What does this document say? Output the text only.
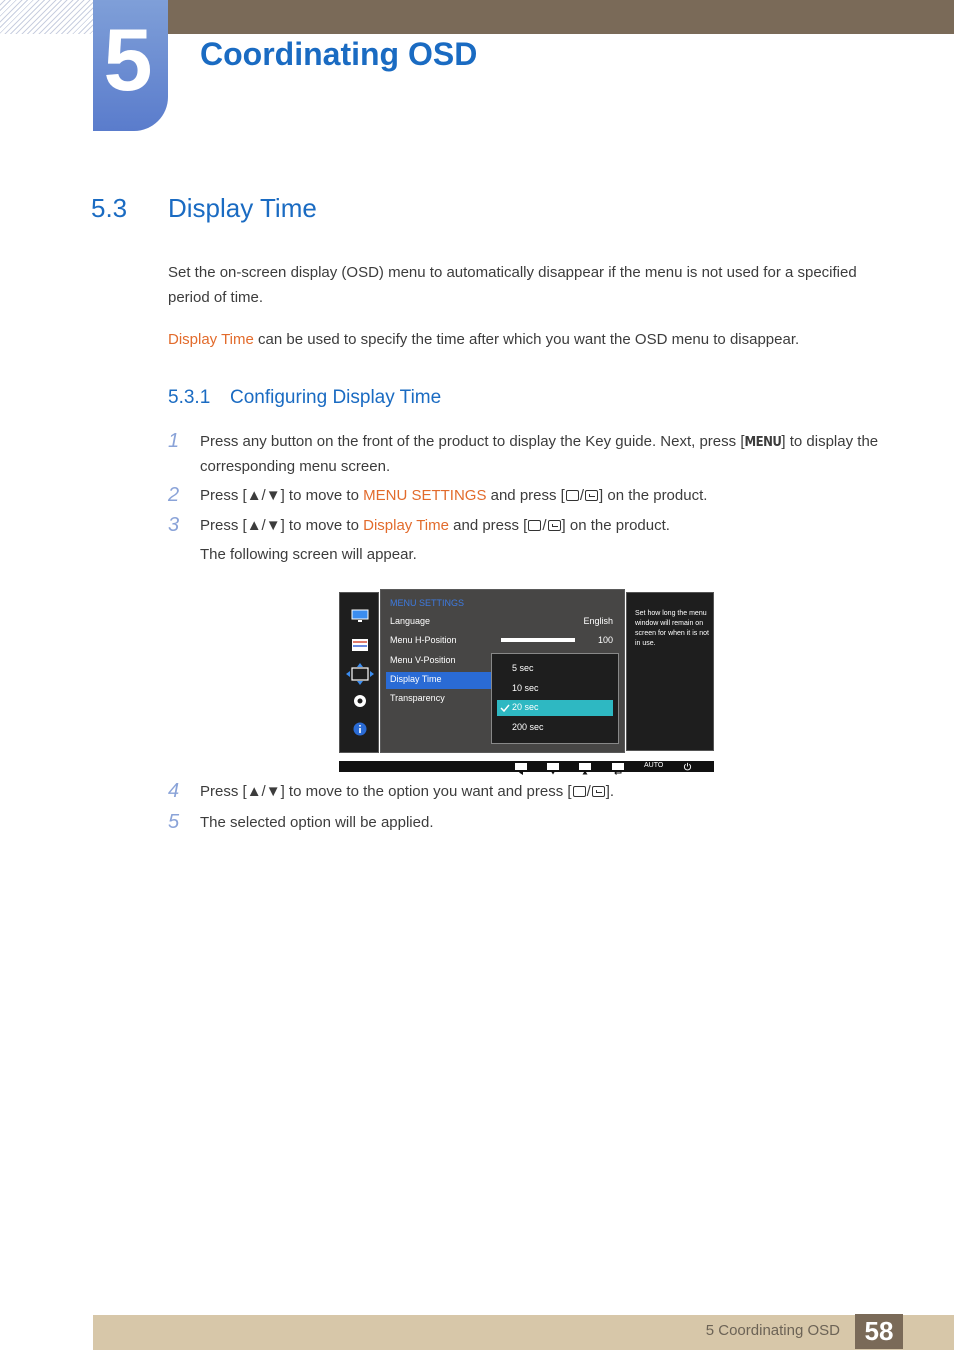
5 Coordinating OSD
5.3 Display Time
Set the on-screen display (OSD) menu to automatically disappear if the menu is not used for a specified period of time.
Display Time can be used to specify the time after which you want the OSD menu to disappear.
5.3.1 Configuring Display Time
1	Press any button on the front of the product to display the Key guide. Next, press [MENU] to display the corresponding menu screen.
2	Press [▲/▼] to move to MENU SETTINGS and press [ / ] on the product.
3	Press [▲/▼] to move to Display Time and press [ / ] on the product.
The following screen will appear.
MENU SETTINGS
Language	English
Menu H-Position	100
Menu V-Position
Display Time
Transparency
5 sec
10 sec
20 sec
200 sec
Set how long the menu window will remain on screen for when it is not in use.
AUTO
4	Press [▲/▼] to move to the option you want and press [ / ].
5	The selected option will be applied.
5 Coordinating OSD 58
